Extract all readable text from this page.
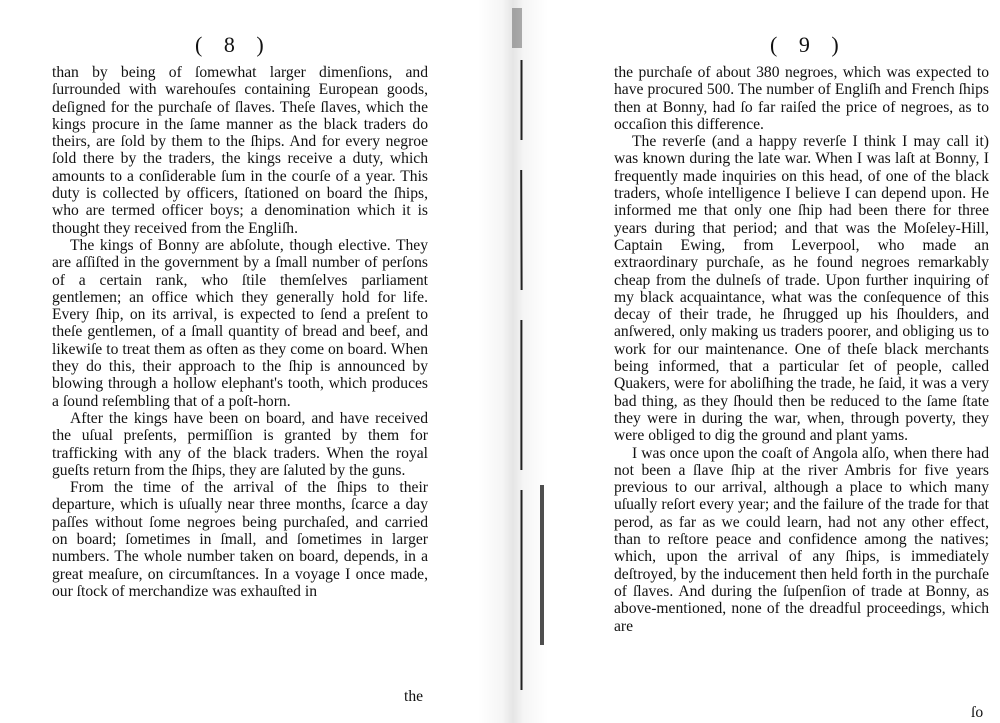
( 8 )

than by being of ſomewhat larger dimenſions, and ſurrounded with warehouſes containing European goods, deſigned for the purchaſe of ſlaves. Theſe ſlaves, which the kings procure in the ſame manner as the black traders do theirs, are ſold by them to the ſhips. And for every negroe ſold there by the traders, the kings receive a duty, which amounts to a conſiderable ſum in the courſe of a year. This duty is collected by officers, ſtationed on board the ſhips, who are termed officer boys; a denomination which it is thought they received from the Engliſh.

The kings of Bonny are abſolute, though elective. They are aſſiſted in the government by a ſmall number of perſons of a certain rank, who ſtile themſelves parliament gentlemen; an office which they generally hold for life. Every ſhip, on its arrival, is expected to ſend a preſent to theſe gentlemen, of a ſmall quantity of bread and beef, and likewiſe to treat them as often as they come on board. When they do this, their approach to the ſhip is announced by blowing through a hollow elephant's tooth, which produces a ſound reſembling that of a poſt-horn.

After the kings have been on board, and have received the uſual preſents, permiſſion is granted by them for trafficking with any of the black traders. When the royal gueſts return from the ſhips, they are ſaluted by the guns.

From the time of the arrival of the ſhips to their departure, which is uſually near three months, ſcarce a day paſſes without ſome negroes being purchaſed, and carried on board; ſometimes in ſmall, and ſometimes in larger numbers. The whole number taken on board, depends, in a great meaſure, on circumſtances. In a voyage I once made, our ſtock of merchandize was exhauſted in

the
( 9 )

the purchaſe of about 380 negroes, which was expected to have procured 500. The number of Engliſh and French ſhips then at Bonny, had ſo far raiſed the price of negroes, as to occaſion this difference.

The reverſe (and a happy reverſe I think I may call it) was known during the late war. When I was laſt at Bonny, I frequently made inquiries on this head, of one of the black traders, whoſe intelligence I believe I can depend upon. He informed me that only one ſhip had been there for three years during that period; and that was the Moſeley-Hill, Captain Ewing, from Leverpool, who made an extraordinary purchaſe, as he found negroes remarkably cheap from the dulneſs of trade. Upon further inquiring of my black acquaintance, what was the conſequence of this decay of their trade, he ſhrugged up his ſhoulders, and anſwered, only making us traders poorer, and obliging us to work for our maintenance. One of theſe black merchants being informed, that a particular ſet of people, called Quakers, were for aboliſhing the trade, he ſaid, it was a very bad thing, as they ſhould then be reduced to the ſame ſtate they were in during the war, when, through poverty, they were obliged to dig the ground and plant yams.

I was once upon the coaſt of Angola alſo, when there had not been a ſlave ſhip at the river Ambris for five years previous to our arrival, although a place to which many uſually reſort every year; and the failure of the trade for that perod, as far as we could learn, had not any other effect, than to reſtore peace and confidence among the natives; which, upon the arrival of any ſhips, is immediately deſtroyed, by the inducement then held forth in the purchaſe of ſlaves. And during the ſuſpenſion of trade at Bonny, as above-mentioned, none of the dreadful proceedings, which are

ſo
